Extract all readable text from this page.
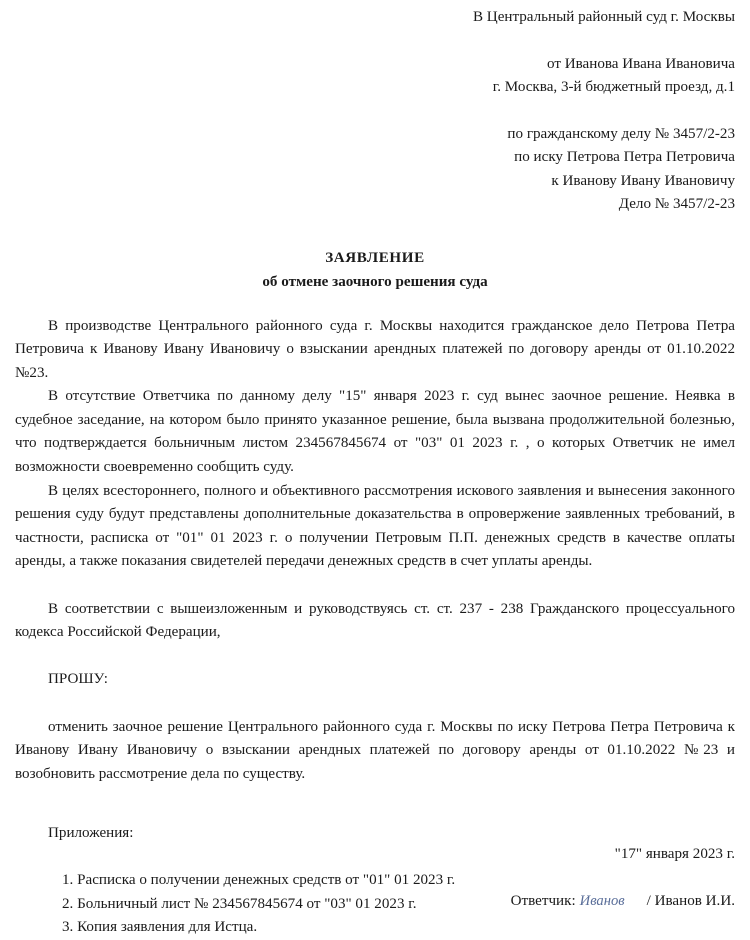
В Центральный районный суд г. Москвы
от Иванова Ивана Ивановича
г. Москва, 3-й бюджетный проезд, д.1
по гражданскому делу № 3457/2-23
по иску Петрова Петра Петровича
к Иванову Ивану Ивановичу
Дело № 3457/2-23
ЗАЯВЛЕНИЕ
об отмене заочного решения суда

В производстве Центрального районного суда г. Москвы находится гражданское дело Петрова Петра Петровича к Иванову Ивану Ивановичу о взыскании арендных платежей по договору аренды от 01.10.2022 №23.

В отсутствие Ответчика по данному делу "15" января 2023 г. суд вынес заочное решение. Неявка в судебное заседание, на котором было принято указанное решение, была вызвана продолжительной болезнью, что подтверждается больничным листом 234567845674 от "03" 01 2023 г. , о которых Ответчик не имел возможности своевременно сообщить суду.

В целях всестороннего, полного и объективного рассмотрения искового заявления и вынесения законного решения суду будут представлены дополнительные доказательства в опровержение заявленных требований, в частности, расписка от "01" 01 2023 г. о получении Петровым П.П. денежных средств в качестве оплаты аренды, а также показания свидетелей передачи денежных средств в счет уплаты аренды.

В соответствии с вышеизложенным и руководствуясь ст. ст. 237 - 238 Гражданского процессуального кодекса Российской Федерации,

ПРОШУ:

отменить заочное решение Центрального районного суда г. Москвы по иску Петрова Петра Петровича к Иванову Ивану Ивановичу о взыскании арендных платежей по договору аренды от 01.10.2022 №23 и возобновить рассмотрение дела по существу.

Приложения:

1. Расписка о получении денежных средств от "01" 01 2023 г.
2. Больничный лист № 234567845674 от "03" 01 2023 г.
3. Копия заявления для Истца.
"17" января 2023 г.
Ответчик: Иванов / Иванов И.И.
